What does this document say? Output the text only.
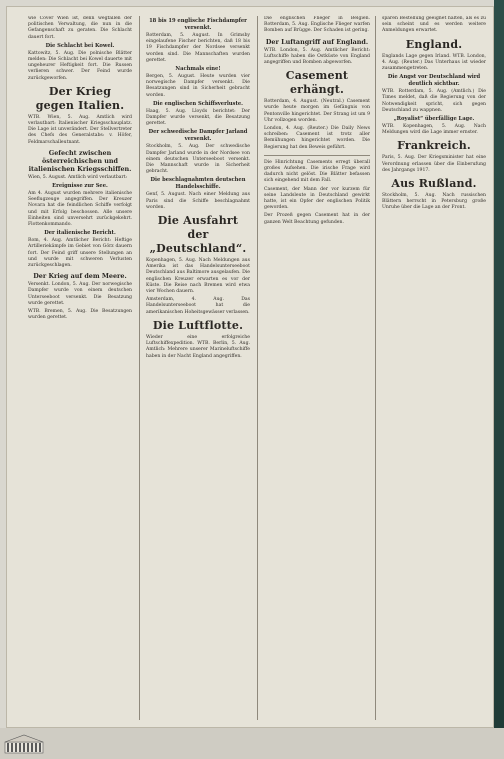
wie Cover Wien ist, denn wegfallen der politischen Verwaltung, die nun in die Gefangenschaft zu geraten. Die Schlacht dauert fort.
Die Schlacht bei Kowel.
Kattowitz, 5. Aug. Die polnische Blätter melden: Die Schlacht bei Kowel dauerte mit ungeheurer Heftigkeit fort. Die Russen verlieren schwer. Der Feind wurde zurückgeworfen.
Der Krieg gegen Italien.
WTB. Wien, 5. Aug. Amtlich wird verlautbart: Italienischer Kriegsschauplatz. Die Lage ist unverändert. Der Stellvertreter des Chefs des Generalstabs: v. Höfer, Feldmarschalleutnant.
Gefecht zwischen österreichischen und italienischen Kriegsschiffen.
Wien, 5. August. Amtlich wird verlautbart:
Ereignisse zur See.
Am 4. August wurden mehrere italienische Seeflugzeuge angegriffen. Der Kreuzer Novara hat die feindlichen Schiffe verfolgt und mit Erfolg beschossen. Alle unsere Einheiten sind unversehrt zurückgekehrt. Flottenkommando.
Der italienische Bericht.
Rom, 4. Aug. Amtlicher Bericht: Heftige Artilleriekämpfe im Gebiet von Görz dauern fort. Der Feind griff unsere Stellungen an und wurde mit schweren Verlusten zurückgeschlagen.
Der Krieg auf dem Meere.
Versenkt. London, 5. Aug. Der norwegische Dampfer wurde von einem deutschen Unterseeboot versenkt. Die Besatzung wurde gerettet.
WTB. Bremen, 5. Aug. Die Besatzungen wurden gerettet.
18 bis 19 englische Fischdampfer versenkt.
Rotterdam, 5. August. In Grimsby eingelaufene Fischer berichten, daß 18 bis 19 Fischdampfer der Nordsee versenkt worden sind. Die Mannschaften wurden gerettet.
Nachmals eine!
Bergen, 5. August. Heute wurden vier norwegische Dampfer versenkt. Die Besatzungen sind in Sicherheit gebracht worden.
Die englischen Schiffsverluste.
Haag, 5. Aug. Lloyds berichtet: Der Dampfer wurde versenkt, die Besatzung gerettet.
Der schwedische Dampfer Jarland versenkt.
Stockholm, 5. Aug. Der schwedische Dampfer Jarland wurde in der Nordsee von einem deutschen Unterseeboot versenkt. Die Mannschaft wurde in Sicherheit gebracht.
Die beschlagnahmten deutschen Handelsschiffe.
Genf, 5. August. Nach einer Meldung aus Paris sind die Schiffe beschlagnahmt worden.
Die Ausfahrt der „Deutschland“.
Kopenhagen, 5. Aug. Nach Meldungen aus Amerika ist das Handelsunterseeboot Deutschland aus Baltimore ausgelaufen. Die englischen Kreuzer erwarten es vor der Küste. Die Reise nach Bremen wird etwa vier Wochen dauern.
Amsterdam, 4. Aug. Das Handelsunterseeboot hat die amerikanischen Hoheitsgewässer verlassen.
Die Luftflotte.
Wieder eine erfolgreiche Luftschiffexpedition. WTB. Berlin, 5. Aug. Amtlich: Mehrere unserer Marineluftschiffe haben in der Nacht England angegriffen.
Die englischen Flieger in Belgien. Rotterdam, 5. Aug. Englische Flieger warfen Bomben auf Brügge. Der Schaden ist gering.
Der Luftangriff auf England.
WTB. London, 5. Aug. Amtlicher Bericht: Luftschiffe haben die Ostküste von England angegriffen und Bomben abgeworfen.
Casement erhängt.
Rotterdam, 4. August. (Neutral.) Casement wurde heute morgen im Gefängnis von Pentonville hingerichtet. Der Strang ist um 9 Uhr vollzogen worden.
London, 4. Aug. (Reuter.) Die Daily News schreiben: Casement ist trotz aller Bemühungen hingerichtet worden. Die Regierung hat den Beweis geführt.
Die Hinrichtung Casements erregt überall großes Aufsehen. Die irische Frage wird dadurch nicht gelöst. Die Blätter befassen sich eingehend mit dem Fall.
Casement, der Mann der vor kurzem für seine Landsleute in Deutschland gewirkt hatte, ist ein Opfer der englischen Politik geworden.
Der Prozeß gegen Casement hat in der ganzen Welt Beachtung gefunden.
sparen Bestellung geeignet halten, als es zu sein scheint und es werden weitere Anmeldungen erwartet.
England.
Englands Lage gegen Irland. WTB. London, 4. Aug. (Reuter.) Das Unterhaus ist wieder zusammengetreten.
Die Angst vor Deutschland wird deutlich sichtbar.
WTB. Rotterdam, 5. Aug. (Amtlich.) Die Times meldet, daß die Regierung von der Notwendigkeit spricht, sich gegen Deutschland zu wappnen.
„Royalist“ überfällige Lage.
WTB. Kopenhagen, 5. Aug. Nach Meldungen wird die Lage immer ernster.
Frankreich.
Paris, 5. Aug. Der Kriegsminister hat eine Verordnung erlassen über die Einberufung des Jahrgangs 1917.
Aus Rußland.
Stockholm, 5. Aug. Nach russischen Blättern herrscht in Petersburg große Unruhe über die Lage an der Front.
